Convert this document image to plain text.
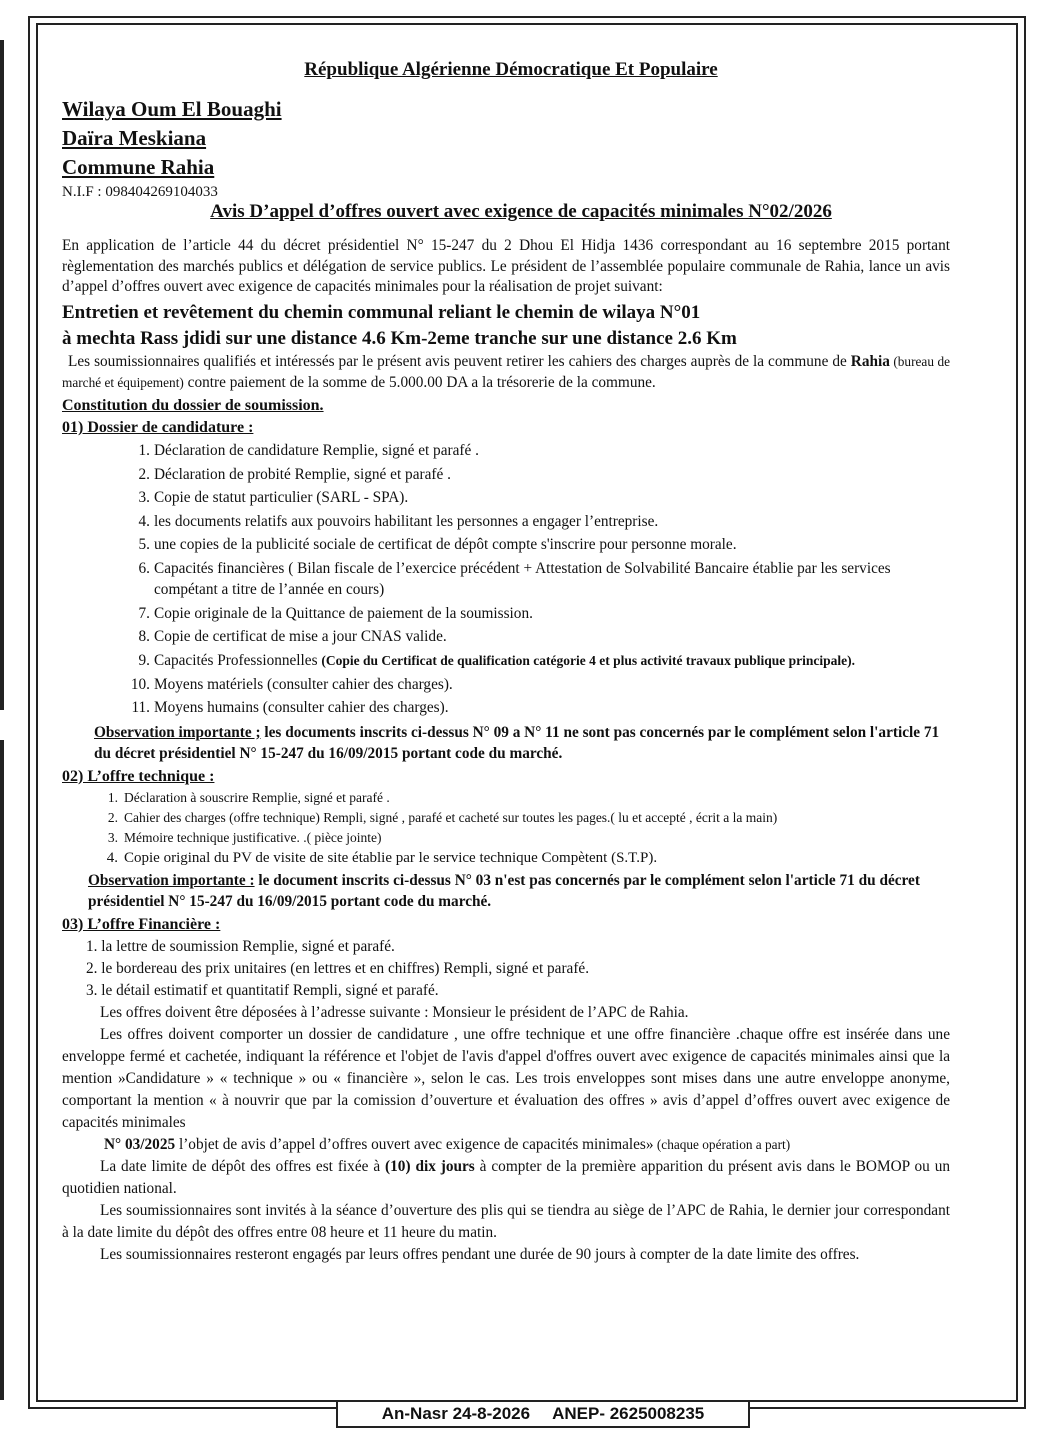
République Algérienne Démocratique Et Populaire

Wilaya Oum El Bouaghi

Daïra Meskiana

Commune Rahia

N.I.F : 098404269104033

Avis D’appel d’offres ouvert avec exigence de capacités minimales N°02/2026

En application de l’article 44 du décret présidentiel N° 15-247 du 2 Dhou El Hidja 1436 correspondant au 16 septembre 2015 portant règlementation des marchés publics et délégation de service publics. Le président de l’assemblée populaire communale de Rahia, lance un avis d’appel d’offres ouvert avec exigence de capacités minimales pour la réalisation de projet suivant:

Entretien et revêtement du chemin communal reliant le chemin de wilaya N°01

à mechta Rass jdidi sur une distance 4.6 Km-2eme tranche sur une distance 2.6 Km

Les soumissionnaires qualifiés et intéressés par le présent avis peuvent retirer les cahiers des charges auprès de la commune de Rahia (bureau de marché et équipement) contre paiement de la somme de 5.000.00 DA a la trésorerie de la commune.

Constitution du dossier de soumission.

01) Dossier de candidature :

1. Déclaration de candidature Remplie, signé et parafé .
2. Déclaration de probité Remplie, signé et parafé .
3. Copie de statut particulier (SARL - SPA).
4. les documents relatifs aux pouvoirs habilitant les personnes a engager l’entreprise.
5. une copies de la publicité sociale de certificat de dépôt compte s'inscrire pour personne morale.
6. Capacités financières ( Bilan fiscale de l’exercice précédent + Attestation de Solvabilité Bancaire établie par les services compétant a titre de l’année en cours)
7. Copie originale de la Quittance de paiement de la soumission.
8. Copie de certificat de mise a jour CNAS valide.
9. Capacités Professionnelles (Copie du Certificat de qualification catégorie 4 et plus activité travaux publique principale).
10. Moyens matériels (consulter cahier des charges).
11. Moyens humains (consulter cahier des charges).

Observation importante ; les documents inscrits ci-dessus N° 09 a N° 11 ne sont pas concernés par le complément selon l'article 71 du décret présidentiel N° 15-247 du 16/09/2015 portant code du marché.

02) L’offre technique :

1. Déclaration à souscrire Remplie, signé et parafé .
2. Cahier des charges (offre technique) Rempli, signé , parafé et cacheté sur toutes les pages.( lu et accepté , écrit a la main)
3. Mémoire technique justificative. .( pièce jointe)
4. Copie original du PV de visite de site établie par le service technique Compètent (S.T.P).

Observation importante : le document inscrits ci-dessus N° 03 n'est pas concernés par le complément selon l'article 71 du décret présidentiel N° 15-247 du 16/09/2015 portant code du marché.

03) L’offre Financière :

1. la lettre de soumission Remplie, signé et parafé.
2. le bordereau des prix unitaires (en lettres et en chiffres) Rempli, signé et parafé.
3. le détail estimatif et quantitatif Rempli, signé et parafé.

Les offres doivent être déposées à l’adresse suivante : Monsieur le président de l’APC de Rahia.

Les offres doivent comporter un dossier de candidature , une offre technique et une offre financière .chaque offre est insérée dans une enveloppe fermé et cachetée, indiquant la référence et l'objet de l'avis d'appel d'offres ouvert avec exigence de capacités minimales ainsi que la mention »Candidature » « technique » ou « financière », selon le cas. Les trois enveloppes sont mises dans une autre enveloppe anonyme, comportant la mention « à nouvrir que par la comission d’ouverture et évaluation des offres » avis d’appel d’offres ouvert avec exigence de capacités minimales

N° 03/2025 l’objet de avis d’appel d’offres ouvert avec exigence de capacités minimales» (chaque opération a part)

La date limite de dépôt des offres est fixée à (10) dix jours à compter de la première apparition du présent avis dans le BOMOP ou un quotidien national.

Les soumissionnaires sont invités à la séance d’ouverture des plis qui se tiendra au siège de l’APC de Rahia, le dernier jour correspondant à la date limite du dépôt des offres entre 08 heure et 11 heure du matin.

Les soumissionnaires resteront engagés par leurs offres pendant une durée de 90 jours à compter de la date limite des offres.

An-Nasr 24-8-2026 ANEP- 2625008235
